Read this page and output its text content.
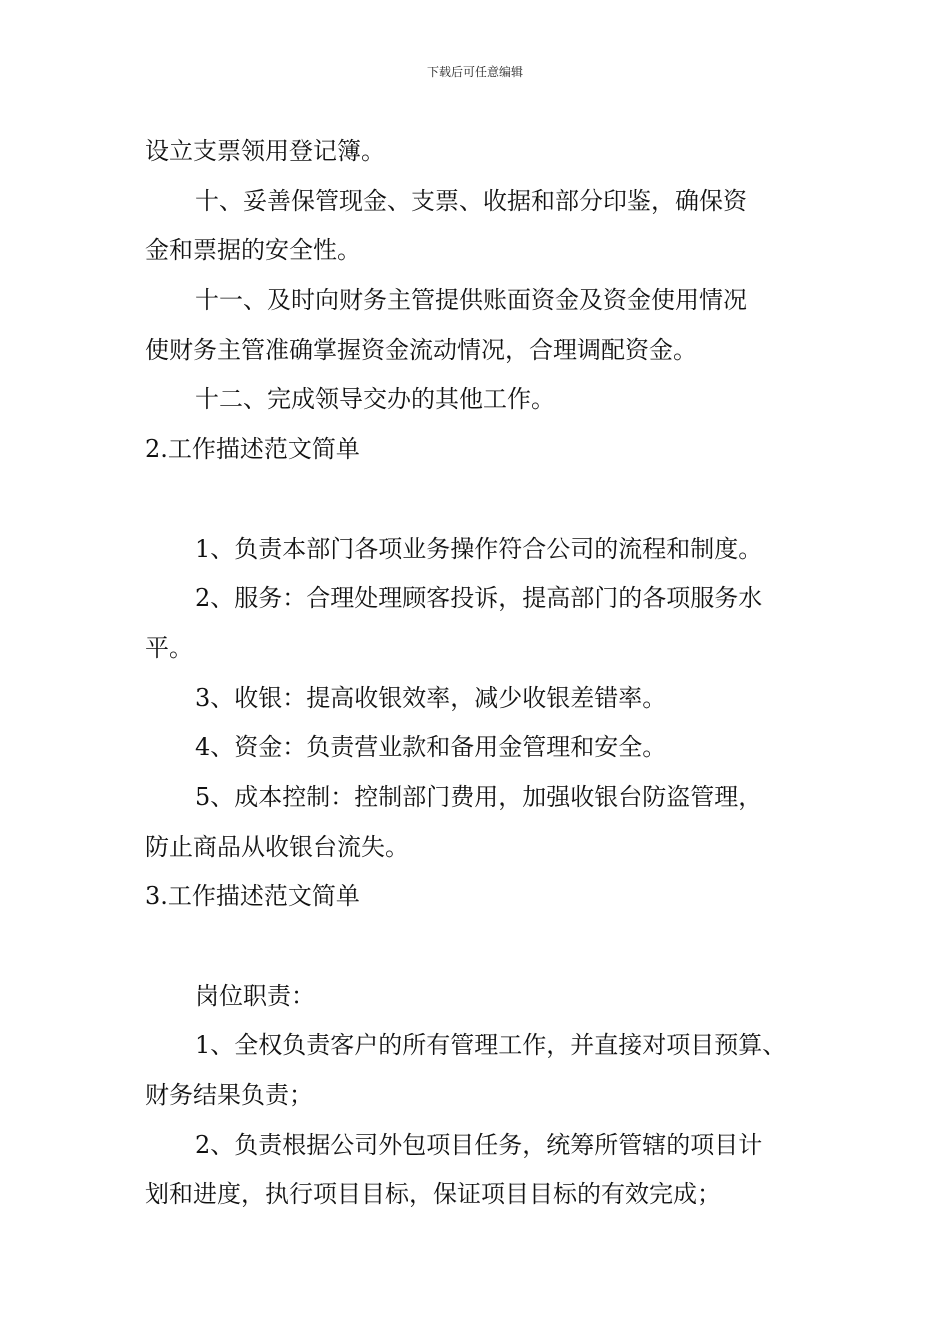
下载后可任意编辑
设立支票领用登记簿。
十、妥善保管现金、支票、收据和部分印鉴，确保资
金和票据的安全性。
十一、及时向财务主管提供账面资金及资金使用情况
使财务主管准确掌握资金流动情况，合理调配资金。
十二、完成领导交办的其他工作。
2.工作描述范文简单
1、负责本部门各项业务操作符合公司的流程和制度。
2、服务：合理处理顾客投诉，提高部门的各项服务水
平。
3、收银：提高收银效率，减少收银差错率。
4、资金：负责营业款和备用金管理和安全。
5、成本控制：控制部门费用，加强收银台防盗管理，
防止商品从收银台流失。
3.工作描述范文简单
岗位职责：
1、全权负责客户的所有管理工作，并直接对项目预算、
财务结果负责；
2、负责根据公司外包项目任务，统筹所管辖的项目计
划和进度，执行项目目标，保证项目目标的有效完成；
